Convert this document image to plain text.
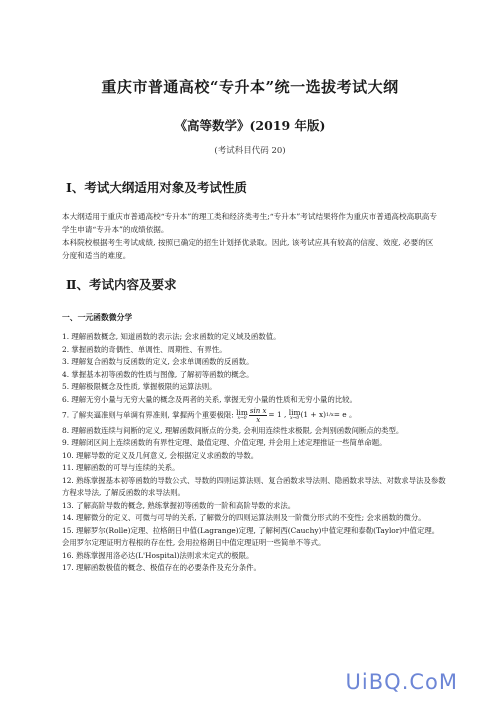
重庆市普通高校“专升本”统一选拔考试大纲
《高等数学》(2019 年版)
(考试科目代码 20)
Ⅰ、考试大纲适用对象及考试性质
本大纲适用于重庆市普通高校“专升本”的理工类和经济类考生;“专升本”考试结果将作为重庆市普通高校高职高专学生申请“专升本”的成绩依据。
本科院校根据考生考试成绩, 按照已确定的招生计划择优录取。因此, 该考试应具有较高的信度、效度, 必要的区分度和适当的难度。
Ⅱ、考试内容及要求
一、一元函数微分学
1. 理解函数概念, 知道函数的表示法; 会求函数的定义域及函数值。
2. 掌握函数的奇偶性、单调性、周期性、有界性。
3. 理解复合函数与反函数的定义, 会求单调函数的反函数。
4. 掌握基本初等函数的性质与图像, 了解初等函数的概念。
5. 理解极限概念及性质, 掌握极限的运算法则。
6. 理解无穷小量与无穷大量的概念及两者的关系, 掌握无穷小量的性质和无穷小量的比较。
7. 了解夹逼准则与单调有界准则, 掌握两个重要极限: lim
$x\to 0 \frac{\text{sin x}}{x} = 1$ ,
lim
x→0 (1 + x) 1/x = e 。
8. 理解函数连续与间断的定义, 理解函数间断点的分类, 会利用连续性求极限, 会判别函数间断点的类型。
9. 理解闭区间上连续函数的有界性定理、最值定理、介值定理, 并会用上述定理推证一些简单命题。
10. 理解导数的定义及几何意义, 会根据定义求函数的导数。
11. 理解函数的可导与连续的关系。
12. 熟练掌握基本初等函数的导数公式、导数的四则运算法则、复合函数求导法则、隐函数求导法、对数求导法及参数方程求导法, 了解反函数的求导法则。
13. 了解高阶导数的概念, 熟练掌握初等函数的一阶和高阶导数的求法。
14. 理解微分的定义、可微与可导的关系, 了解微分的四则运算法则及一阶微分形式的不变性; 会求函数的微分。
15. 理解罗尔(Rolle)定理、拉格朗日中值(Lagrange)定理, 了解柯西(Cauchy)中值定理和泰勒(Taylor)中值定理。会用罗尔定理证明方程根的存在性, 会用拉格朗日中值定理证明一些简单不等式。
16. 熟练掌握用洛必达(L'Hospital)法则求未定式的极限。
17. 理解函数极值的概念、极值存在的必要条件及充分条件。
UiBQ.CoM
